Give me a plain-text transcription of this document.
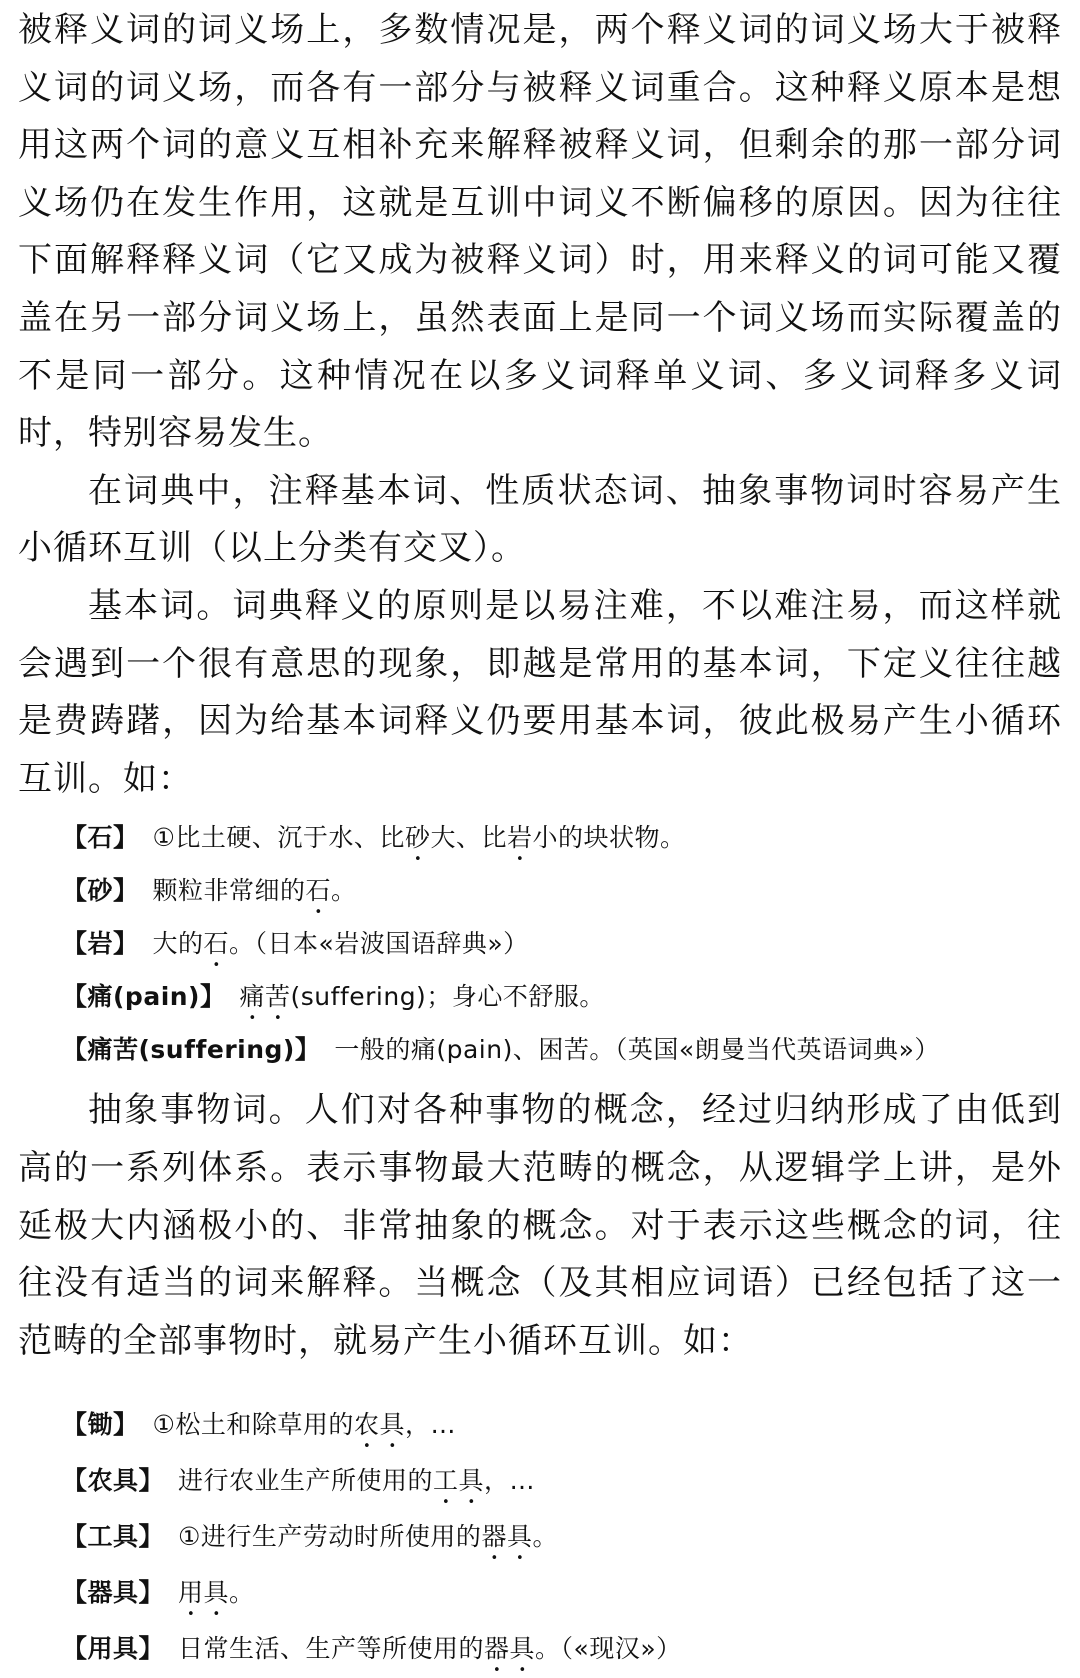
被释义词的词义场上，多数情况是，两个释义词的词义场大于被释义词的词义场，而各有一部分与被释义词重合。这种释义原本是想用这两个词的意义互相补充来解释被释义词，但剩余的那一部分词义场仍在发生作用，这就是互训中词义不断偏移的原因。因为往往下面解释释义词（它又成为被释义词）时，用来释义的词可能又覆盖在另一部分词义场上，虽然表面上是同一个词义场而实际覆盖的不是同一部分。这种情况在以多义词释单义词、多义词释多义词时，特别容易发生。

在词典中，注释基本词、性质状态词、抽象事物词时容易产生小循环互训（以上分类有交叉）。

基本词。词典释义的原则是以易注难，不以难注易，而这样就会遇到一个很有意思的现象，即越是常用的基本词，下定义往往越是费踌躇，因为给基本词释义仍要用基本词，彼此极易产生小循环互训。如：

【石】 ①比土硬、沉于水、比砂大、比岩小的块状物。
【砂】 颗粒非常细的石。
【岩】 大的石。（日本«岩波国语辞典»）
【痛(pain)】 痛苦(suffering)；身心不舒服。
【痛苦(suffering)】 一般的痛(pain)、困苦。（英国«朗曼当代英语词典»）

抽象事物词。人们对各种事物的概念，经过归纳形成了由低到高的一系列体系。表示事物最大范畴的概念，从逻辑学上讲，是外延极大内涵极小的、非常抽象的概念。对于表示这些概念的词，往往没有适当的词来解释。当概念（及其相应词语）已经包括了这一范畴的全部事物时，就易产生小循环互训。如：

【锄】 ①松土和除草用的农具，…
【农具】 进行农业生产所使用的工具，…
【工具】 ①进行生产劳动时所使用的器具。
【器具】 用具。
【用具】 日常生活、生产等所使用的器具。（«现汉»）
